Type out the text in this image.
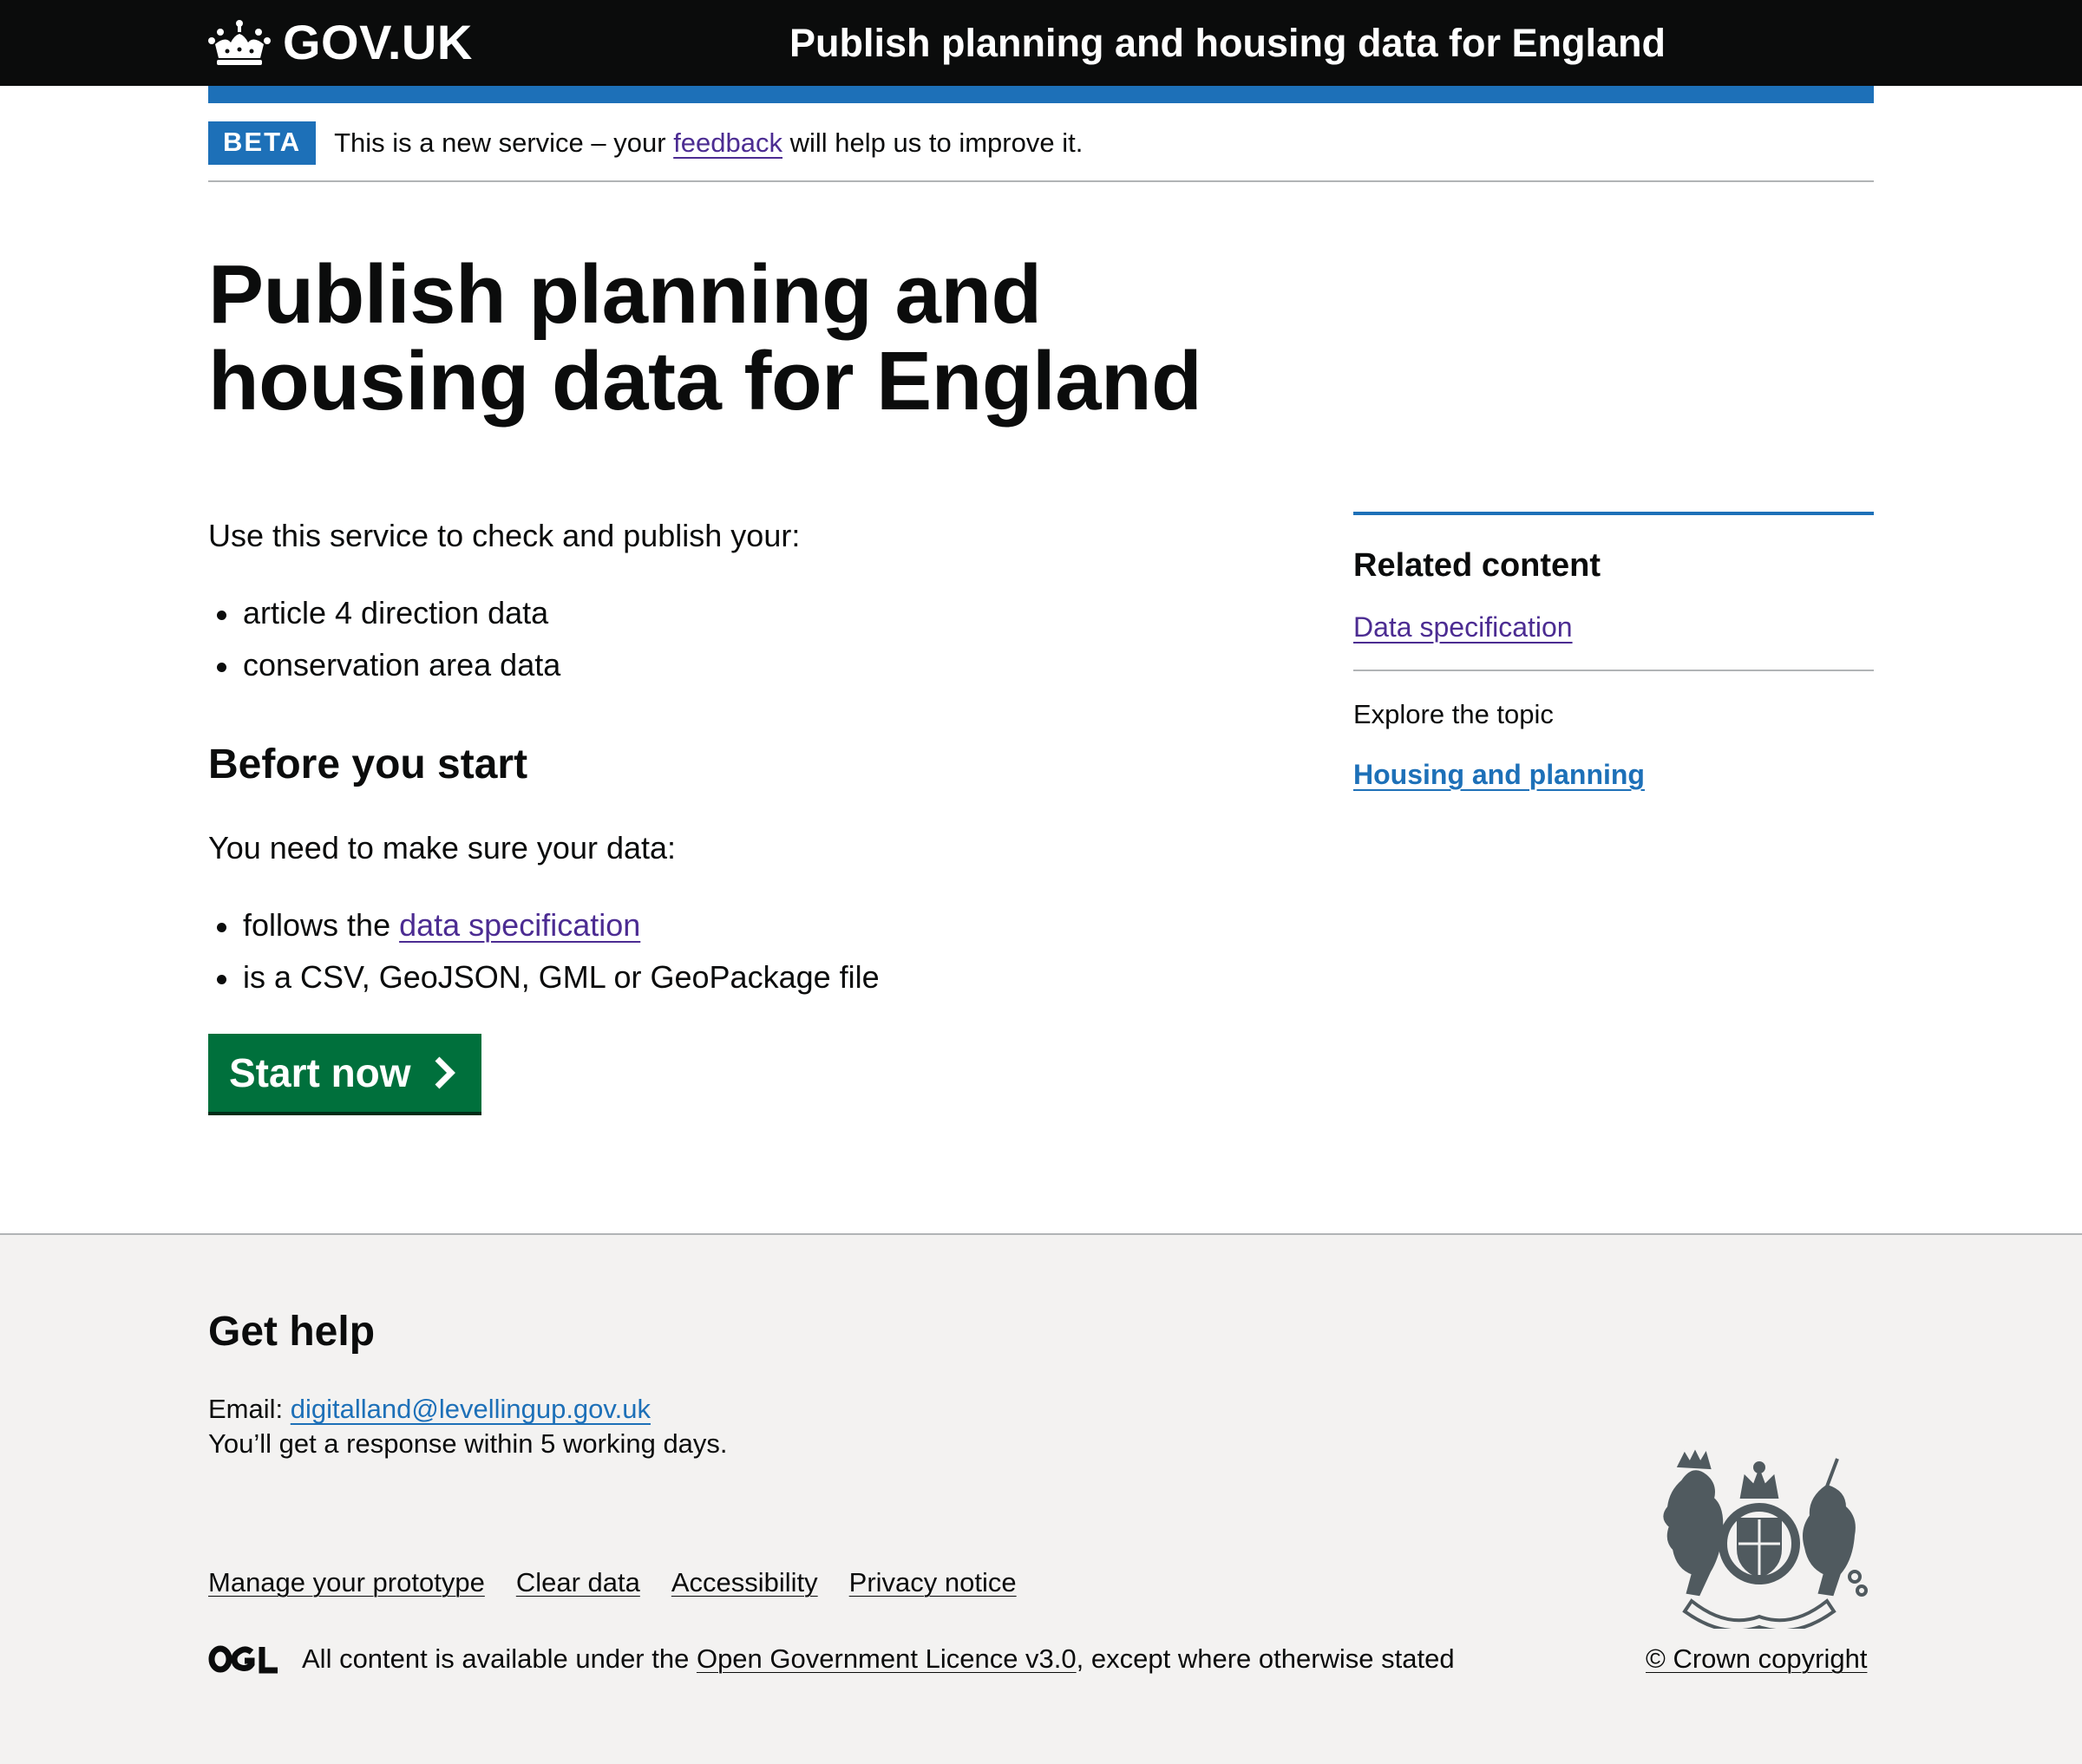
GOV.UK	Publish planning and housing data for England
BETA	This is a new service – your feedback will help us to improve it.
Publish planning and housing data for England

Use this service to check and publish your:

article 4 direction data
conservation area data
Before you start

You need to make sure your data:

follows the data specification
is a CSV, GeoJSON, GML or GeoPackage file
Start now
Related content
Data specification

Explore the topic

Housing and planning
Get help

Email: digitalland@levellingup.gov.uk

You’ll get a response within 5 working days.

Manage your prototype Clear data Accessibility Privacy notice
All content is available under the Open Government Licence v3.0, except where otherwise stated	© Crown copyright
